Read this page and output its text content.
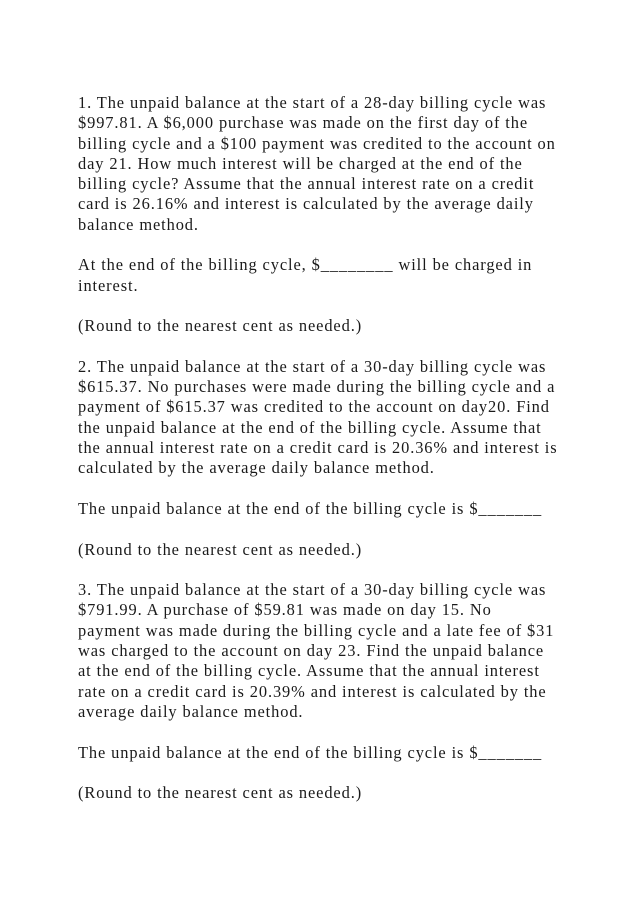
1. The unpaid balance at the start of a 28-day billing cycle was
$997.81. A $6,000 purchase was made on the first day of the
billing cycle and a $100 payment was credited to the account on
day 21. How much interest will be charged at the end of the
billing cycle? Assume that the annual interest rate on a credit
card is 26.16% and interest is calculated by the average daily
balance method.

At the end of the billing cycle, $________ will be charged in
interest.

(Round to the nearest cent as needed.)

2. The unpaid balance at the start of a 30-day billing cycle was
$615.37. No purchases were made during the billing cycle and a
payment of $615.37 was credited to the account on day20. Find
the unpaid balance at the end of the billing cycle. Assume that
the annual interest rate on a credit card is 20.36% and interest is
calculated by the average daily balance method.

The unpaid balance at the end of the billing cycle is $_______

(Round to the nearest cent as needed.)

3. The unpaid balance at the start of a 30-day billing cycle was
$791.99. A purchase of $59.81 was made on day 15. No
payment was made during the billing cycle and a late fee of $31
was charged to the account on day 23. Find the unpaid balance
at the end of the billing cycle. Assume that the annual interest
rate on a credit card is 20.39% and interest is calculated by the
average daily balance method.

The unpaid balance at the end of the billing cycle is $_______

(Round to the nearest cent as needed.)
